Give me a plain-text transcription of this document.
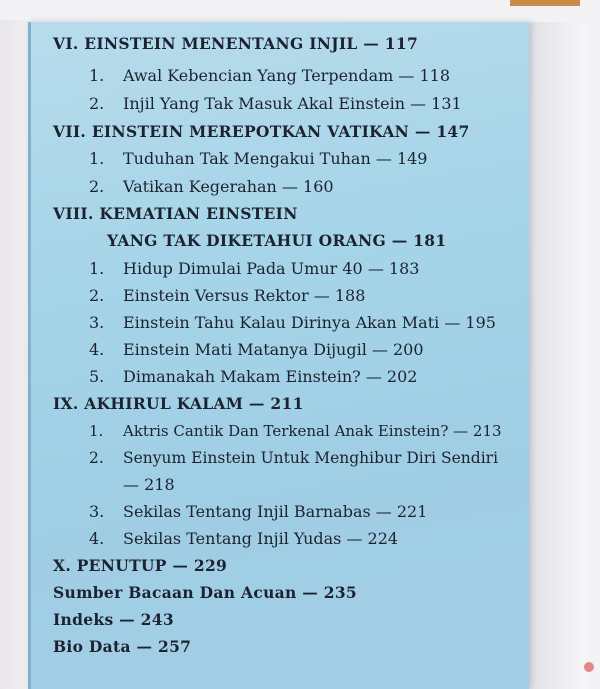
VI. EINSTEIN MENENTANG INJIL — 117
1. Awal Kebencian Yang Terpendam — 118
2. Injil Yang Tak Masuk Akal Einstein — 131
VII. EINSTEIN MEREPOTKAN VATIKAN — 147
1. Tuduhan Tak Mengakui Tuhan — 149
2. Vatikan Kegerahan — 160
VIII. KEMATIAN EINSTEIN
YANG TAK DIKETAHUI ORANG — 181
1. Hidup Dimulai Pada Umur 40 — 183
2. Einstein Versus Rektor — 188
3. Einstein Tahu Kalau Dirinya Akan Mati — 195
4. Einstein Mati Matanya Dijugil — 200
5. Dimanakah Makam Einstein? — 202
IX. AKHIRUL KALAM — 211
1. Aktris Cantik Dan Terkenal Anak Einstein? — 213
2. Senyum Einstein Untuk Menghibur Diri Sendiri
— 218
3. Sekilas Tentang Injil Barnabas — 221
4. Sekilas Tentang Injil Yudas — 224
X. PENUTUP — 229
Sumber Bacaan Dan Acuan — 235
Indeks — 243
Bio Data — 257
